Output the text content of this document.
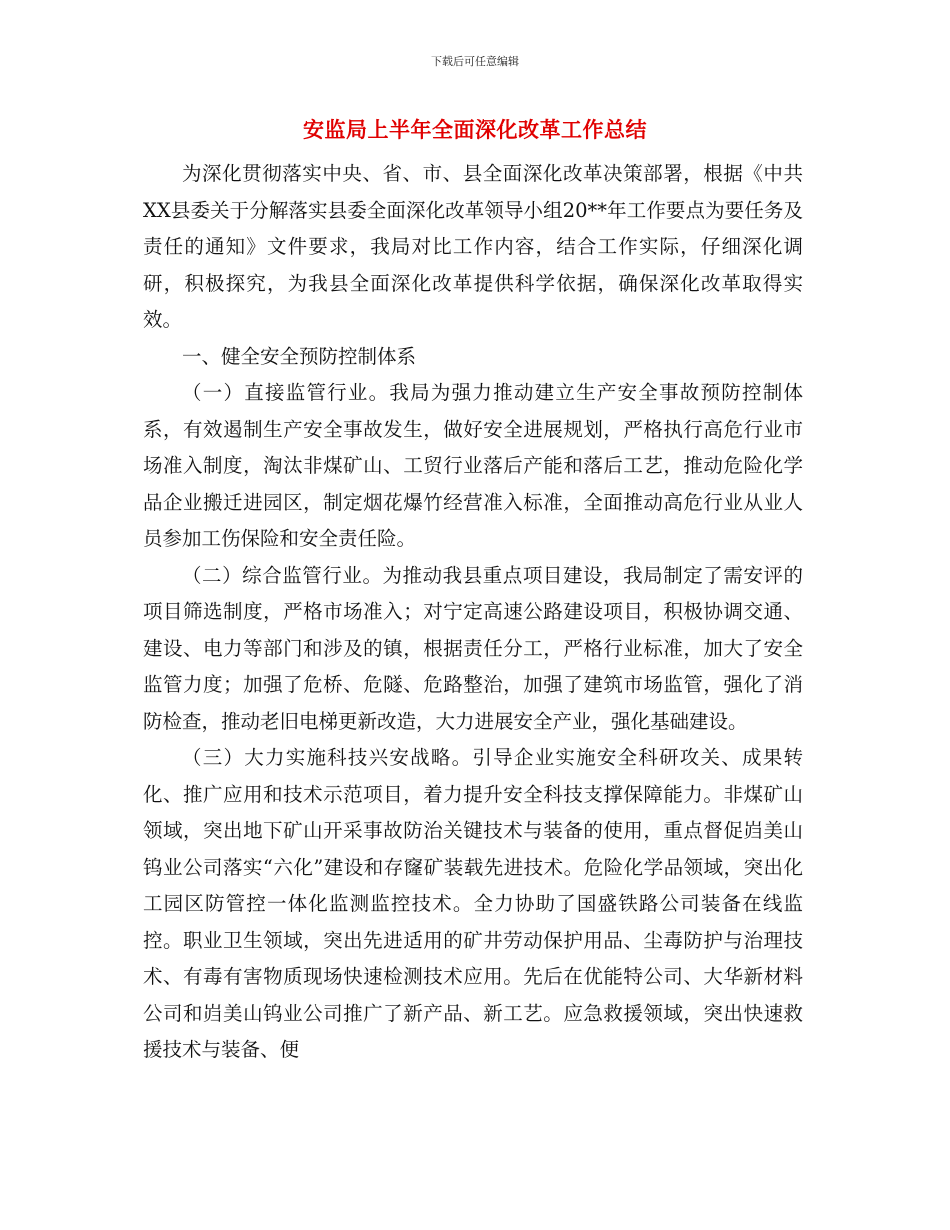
下载后可任意编辑
安监局上半年全面深化改革工作总结

为深化贯彻落实中央、省、市、县全面深化改革决策部署，根据《中共XX县委关于分解落实县委全面深化改革领导小组20**年工作要点为要任务及责任的通知》文件要求，我局对比工作内容，结合工作实际，仔细深化调研，积极探究，为我县全面深化改革提供科学依据，确保深化改革取得实效。

一、健全安全预防控制体系

（一）直接监管行业。我局为强力推动建立生产安全事故预防控制体系，有效遏制生产安全事故发生，做好安全进展规划，严格执行高危行业市场准入制度，淘汰非煤矿山、工贸行业落后产能和落后工艺，推动危险化学品企业搬迁进园区，制定烟花爆竹经营准入标准，全面推动高危行业从业人员参加工伤保险和安全责任险。

（二）综合监管行业。为推动我县重点项目建设，我局制定了需安评的项目筛选制度，严格市场准入；对宁定高速公路建设项目，积极协调交通、建设、电力等部门和涉及的镇，根据责任分工，严格行业标准，加大了安全监管力度；加强了危桥、危隧、危路整治，加强了建筑市场监管，强化了消防检查，推动老旧电梯更新改造，大力进展安全产业，强化基础建设。

（三）大力实施科技兴安战略。引导企业实施安全科研攻关、成果转化、推广应用和技术示范项目，着力提升安全科技支撑保障能力。非煤矿山领域，突出地下矿山开采事故防治关键技术与装备的使用，重点督促岿美山钨业公司落实“六化”建设和存窿矿装载先进技术。危险化学品领域，突出化工园区防管控一体化监测监控技术。全力协助了国盛铁路公司装备在线监控。职业卫生领域，突出先进适用的矿井劳动保护用品、尘毒防护与治理技术、有毒有害物质现场快速检测技术应用。先后在优能特公司、大华新材料公司和岿美山钨业公司推广了新产品、新工艺。应急救援领域，突出快速救援技术与装备、便
